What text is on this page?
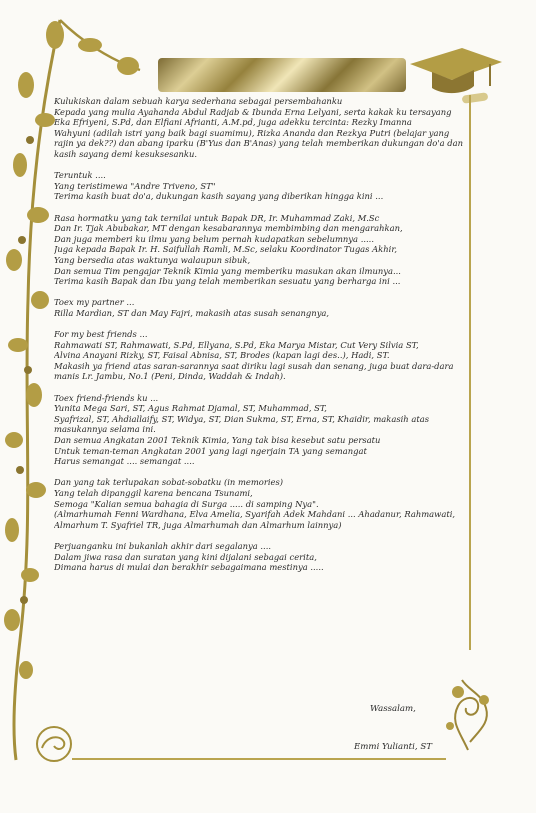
Kulukiskan dalam sebuah karya sederhana sebagai persembahanku

Kepada yang mulia Ayahanda Abdul Radjab & Ibunda Erna Lelyani, serta kakak ku tersayang

Eka Efriyeni, S.Pd, dan Elfiani Afrianti, A.M.pd, juga adekku tercinta: Rezky Imanna

Wahyuni (adilah istri yang baik bagi suamimu), Rizka Ananda dan Rezkya Putri (belajar yang

rajin ya dek??) dan abang iparku (B'Yus dan B'Anas) yang telah memberikan dukungan do'a dan

kasih sayang demi kesuksesanku.

Teruntuk ....

Yang teristimewa "Andre Triveno, ST"

Terima kasih buat do'a, dukungan kasih sayang yang diberikan hingga kini ...

Rasa hormatku yang tak ternilai untuk Bapak DR, Ir. Muhammad Zaki, M.Sc

Dan Ir. Tjak Abubakar, MT dengan kesabarannya membimbing dan mengarahkan,

Dan juga memberi ku ilmu yang belum pernah kudapatkan sebelumnya .....

Juga kepada Bapak Ir. H. Saifullah Ramli, M.Sc, selaku Koordinator Tugas Akhir,

Yang bersedia atas waktunya walaupun sibuk,

Dan semua Tim pengajar Teknik Kimia yang memberiku masukan akan ilmunya...

Terima kasih Bapak dan Ibu yang telah memberikan sesuatu yang berharga ini ...

Toex my partner ...

Rilla Mardian, ST dan May Fajri, makasih atas susah senangnya,

For my best friends ...

Rahmawati ST, Rahmawati, S.Pd, Ellyana, S.Pd, Eka Marya Mistar, Cut Very Silvia ST,

Alvina Anayani Rizky, ST, Faisal Abnisa, ST, Brodes (kapan lagi des..), Hadi, ST.

Makasih ya friend atas saran-sarannya saat diriku lagi susah dan senang, juga buat dara-dara

manis Lr. Jambu, No.1 (Peni, Dinda, Waddah & Indah).

Toex friend-friends ku ...

Yunita Mega Sari, ST, Agus Rahmat Djamal, ST, Muhammad, ST,

Syafrizal, ST, Ahdiallaify, ST, Widya, ST, Dian Sukma, ST, Erna, ST, Khaidir, makasih atas

masukannya selama ini.

Dan semua Angkatan 2001 Teknik Kimia, Yang tak bisa kesebut satu persatu

Untuk teman-teman Angkatan 2001 yang lagi ngerjain TA yang semangat

Harus semangat .... semangat ....

Dan yang tak terlupakan sobat-sobatku (in memories)

Yang telah dipanggil karena bencana Tsunami,

Semoga "Kalian semua bahagia di Surga ..... di samping Nya".

(Almarhumah Fenni Wardhana, Elva Amelia, Syarifah Adek Mahdani ... Ahadanur, Rahmawati,

Almarhum T. Syafriel TR, juga Almarhumah dan Almarhum lainnya)

Perjuanganku ini bukanlah akhir dari segalanya ....

Dalam jiwa rasa dan suratan yang kini dijalani sebagai cerita,

Dimana harus di mulai dan berakhir sebagaimana mestinya .....

Wassalam,
Emmi Yulianti, ST
